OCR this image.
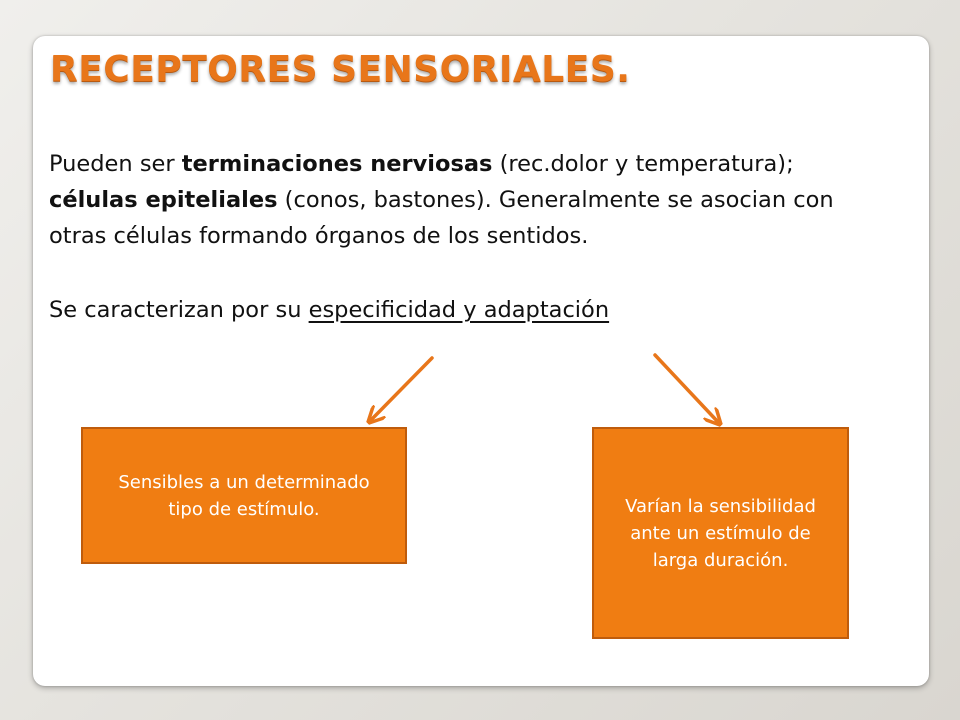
RECEPTORES SENSORIALES.

Pueden ser terminaciones nerviosas (rec.dolor y temperatura); células epiteliales (conos, bastones). Generalmente se asocian con otras células formando órganos de los sentidos.

Se caracterizan por su especificidad y adaptación

Sensibles a un determinado tipo de estímulo.	Varían la sensibilidad ante un estímulo de larga duración.
